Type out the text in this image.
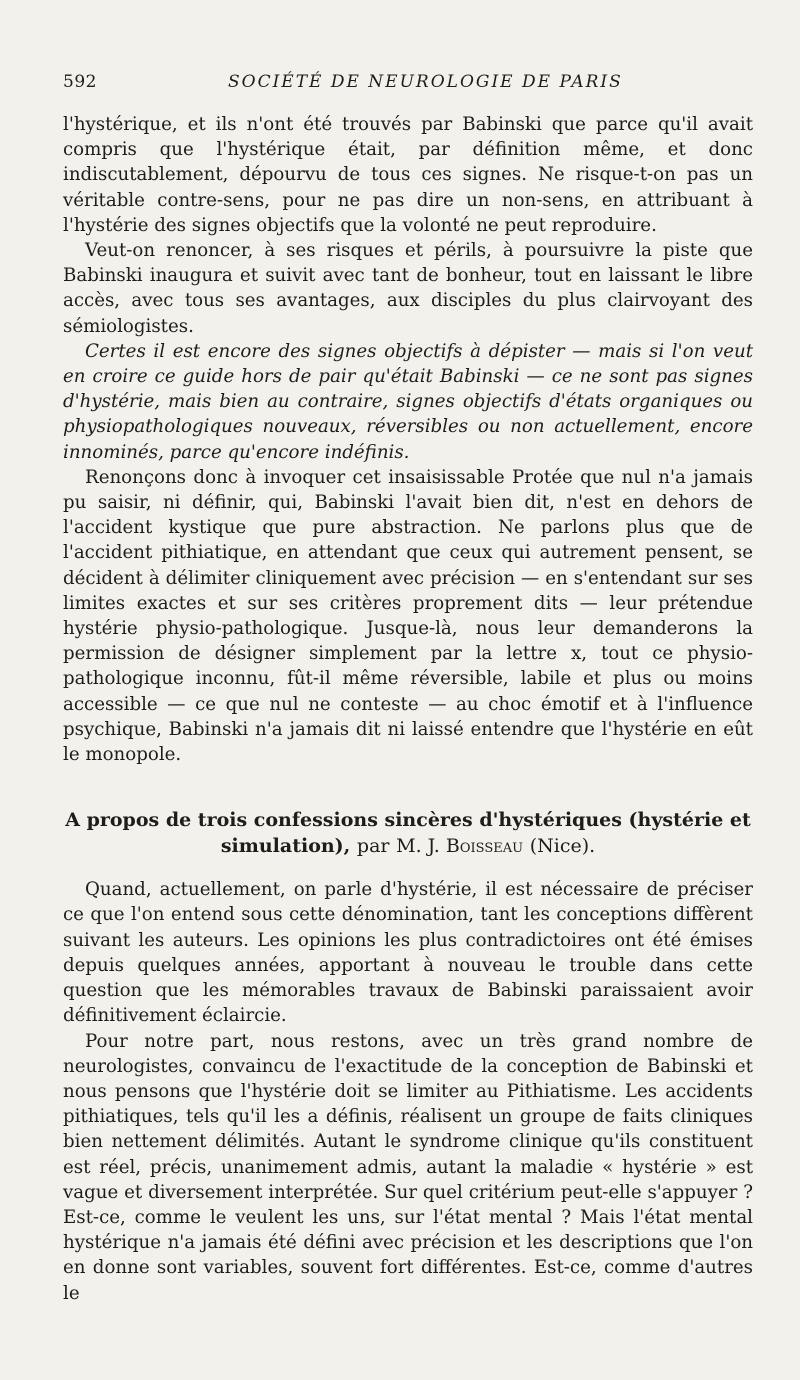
592	SOCIÉTÉ DE NEUROLOGIE DE PARIS

l'hystérique, et ils n'ont été trouvés par Babinski que parce qu'il avait compris que l'hystérique était, par définition même, et donc indiscutablement, dépourvu de tous ces signes. Ne risque-t-on pas un véritable contre-sens, pour ne pas dire un non-sens, en attribuant à l'hystérie des signes objectifs que la volonté ne peut reproduire.

Veut-on renoncer, à ses risques et périls, à poursuivre la piste que Babinski inaugura et suivit avec tant de bonheur, tout en laissant le libre accès, avec tous ses avantages, aux disciples du plus clairvoyant des sémiologistes.

Certes il est encore des signes objectifs à dépister — mais si l'on veut en croire ce guide hors de pair qu'était Babinski — ce ne sont pas signes d'hystérie, mais bien au contraire, signes objectifs d'états organiques ou physiopathologiques nouveaux, réversibles ou non actuellement, encore innominés, parce qu'encore indéfinis.

Renonçons donc à invoquer cet insaisissable Protée que nul n'a jamais pu saisir, ni définir, qui, Babinski l'avait bien dit, n'est en dehors de l'accident kystique que pure abstraction. Ne parlons plus que de l'accident pithiatique, en attendant que ceux qui autrement pensent, se décident à délimiter cliniquement avec précision — en s'entendant sur ses limites exactes et sur ses critères proprement dits — leur prétendue hystérie physio-pathologique. Jusque-là, nous leur demanderons la permission de désigner simplement par la lettre x, tout ce physio-pathologique inconnu, fût-il même réversible, labile et plus ou moins accessible — ce que nul ne conteste — au choc émotif et à l'influence psychique, Babinski n'a jamais dit ni laissé entendre que l'hystérie en eût le monopole.

A propos de trois confessions sincères d'hystériques (hystérie et simulation), par M. J. Boisseau (Nice).

Quand, actuellement, on parle d'hystérie, il est nécessaire de préciser ce que l'on entend sous cette dénomination, tant les conceptions diffèrent suivant les auteurs. Les opinions les plus contradictoires ont été émises depuis quelques années, apportant à nouveau le trouble dans cette question que les mémorables travaux de Babinski paraissaient avoir définitivement éclaircie.

Pour notre part, nous restons, avec un très grand nombre de neurologistes, convaincu de l'exactitude de la conception de Babinski et nous pensons que l'hystérie doit se limiter au Pithiatisme. Les accidents pithiatiques, tels qu'il les a définis, réalisent un groupe de faits cliniques bien nettement délimités. Autant le syndrome clinique qu'ils constituent est réel, précis, unanimement admis, autant la maladie « hystérie » est vague et diversement interprétée. Sur quel critérium peut-elle s'appuyer ? Est-ce, comme le veulent les uns, sur l'état mental ? Mais l'état mental hystérique n'a jamais été défini avec précision et les descriptions que l'on en donne sont variables, souvent fort différentes. Est-ce, comme d'autres le
